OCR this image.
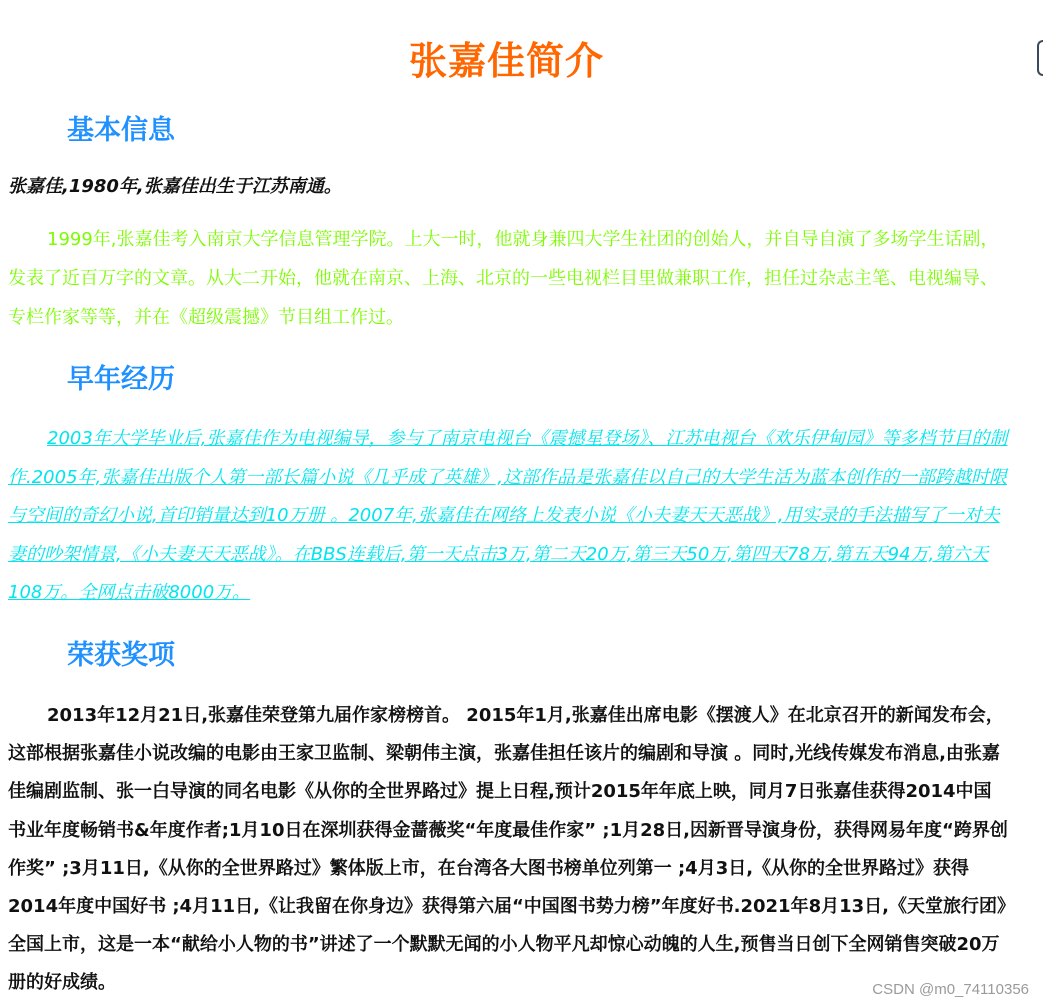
张嘉佳简介
基本信息

张嘉佳,1980年,张嘉佳出生于江苏南通。

1999年,张嘉佳考入南京大学信息管理学院。上大一时，他就身兼四大学生社团的创始人，并自导自演了多场学生话剧，发表了近百万字的文章。从大二开始，他就在南京、上海、北京的一些电视栏目里做兼职工作，担任过杂志主笔、电视编导、专栏作家等等，并在《超级震撼》节目组工作过。

早年经历

2003年大学毕业后,张嘉佳作为电视编导，参与了南京电视台《震撼星登场》、江苏电视台《欢乐伊甸园》等多档节目的制作.2005年,张嘉佳出版个人第一部长篇小说《几乎成了英雄》,这部作品是张嘉佳以自己的大学生活为蓝本创作的一部跨越时限与空间的奇幻小说,首印销量达到10万册 。2007年,张嘉佳在网络上发表小说《小夫妻天天恶战》,用实录的手法描写了一对夫妻的吵架情景,《小夫妻天天恶战》。在BBS连载后,第一天点击3万,第二天20万,第三天50万,第四天78万,第五天94万,第六天108万。全网点击破8000万。

荣获奖项

2013年12月21日,张嘉佳荣登第九届作家榜榜首。 2015年1月,张嘉佳出席电影《摆渡人》在北京召开的新闻发布会，这部根据张嘉佳小说改编的电影由王家卫监制、梁朝伟主演，张嘉佳担任该片的编剧和导演 。同时,光线传媒发布消息,由张嘉佳编剧监制、张一白导演的同名电影《从你的全世界路过》提上日程,预计2015年年底上映，同月7日张嘉佳获得2014中国书业年度畅销书&年度作者;1月10日在深圳获得金蔷薇奖“年度最佳作家” ;1月28日,因新晋导演身份，获得网易年度“跨界创作奖” ;3月11日,《从你的全世界路过》繁体版上市，在台湾各大图书榜单位列第一 ;4月3日,《从你的全世界路过》获得2014年度中国好书 ;4月11日,《让我留在你身边》获得第六届“中国图书势力榜”年度好书.2021年8月13日,《天堂旅行团》全国上市，这是一本“献给小人物的书”讲述了一个默默无闻的小人物平凡却惊心动魄的人生,预售当日创下全网销售突破20万册的好成绩。	CSDN @m0_74110356
